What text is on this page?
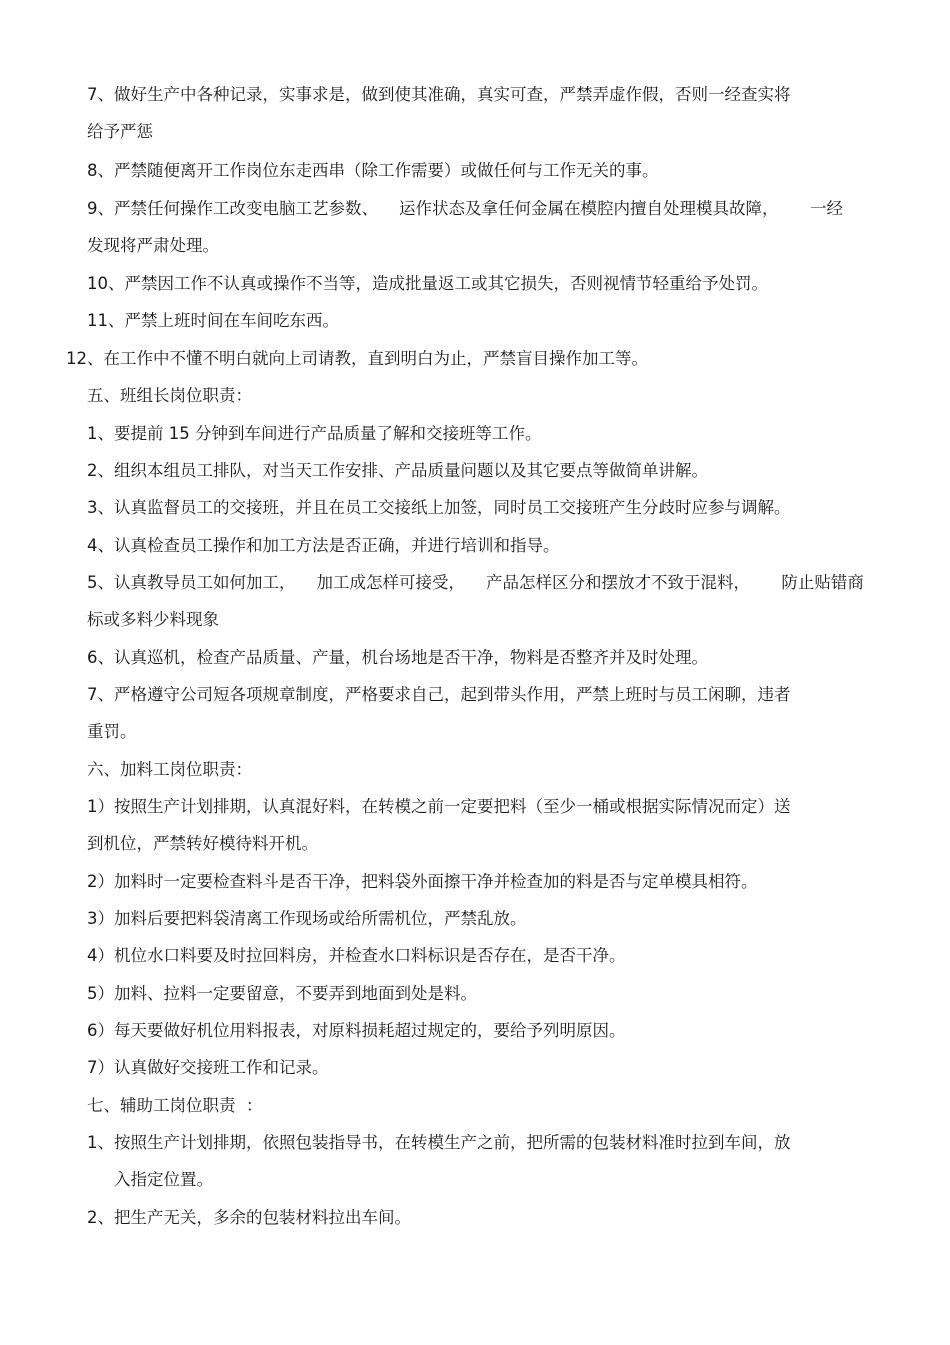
7、做好生产中各种记录，实事求是，做到使其准确，真实可查，严禁弄虚作假，否则一经查实将
给予严惩
8、严禁随便离开工作岗位东走西串（除工作需要）或做任何与工作无关的事。
9、严禁任何操作工改变电脑工艺参数、    运作状态及拿任何金属在模腔内擅自处理模具故障，      一经
发现将严肃处理。
10、严禁因工作不认真或操作不当等，造成批量返工或其它损失，否则视情节轻重给予处罚。
11、严禁上班时间在车间吃东西。
12、在工作中不懂不明白就向上司请教，直到明白为止，严禁盲目操作加工等。
五、班组长岗位职责：
1、要提前 15 分钟到车间进行产品质量了解和交接班等工作。
2、组织本组员工排队，对当天工作安排、产品质量问题以及其它要点等做简单讲解。
3、认真监督员工的交接班，并且在员工交接纸上加签，同时员工交接班产生分歧时应参与调解。
4、认真检查员工操作和加工方法是否正确，并进行培训和指导。
5、认真教导员工如何加工，    加工成怎样可接受，    产品怎样区分和摆放才不致于混料，      防止贴错商
标或多料少料现象
6、认真巡机，检查产品质量、产量，机台场地是否干净，物料是否整齐并及时处理。
7、严格遵守公司短各项规章制度，严格要求自己，起到带头作用，严禁上班时与员工闲聊，违者
重罚。
六、加料工岗位职责：
1）按照生产计划排期，认真混好料，在转模之前一定要把料（至少一桶或根据实际情况而定）送
到机位，严禁转好模待料开机。
2）加料时一定要检查料斗是否干净，把料袋外面擦干净并检查加的料是否与定单模具相符。
3）加料后要把料袋清离工作现场或给所需机位，严禁乱放。
4）机位水口料要及时拉回料房，并检查水口料标识是否存在，是否干净。
5）加料、拉料一定要留意，不要弄到地面到处是料。
6）每天要做好机位用料报表，对原料损耗超过规定的，要给予列明原因。
7）认真做好交接班工作和记录。
七、辅助工岗位职责  ：
1、按照生产计划排期，依照包装指导书，在转模生产之前，把所需的包装材料准时拉到车间，放
入指定位置。
2、把生产无关，多余的包装材料拉出车间。
